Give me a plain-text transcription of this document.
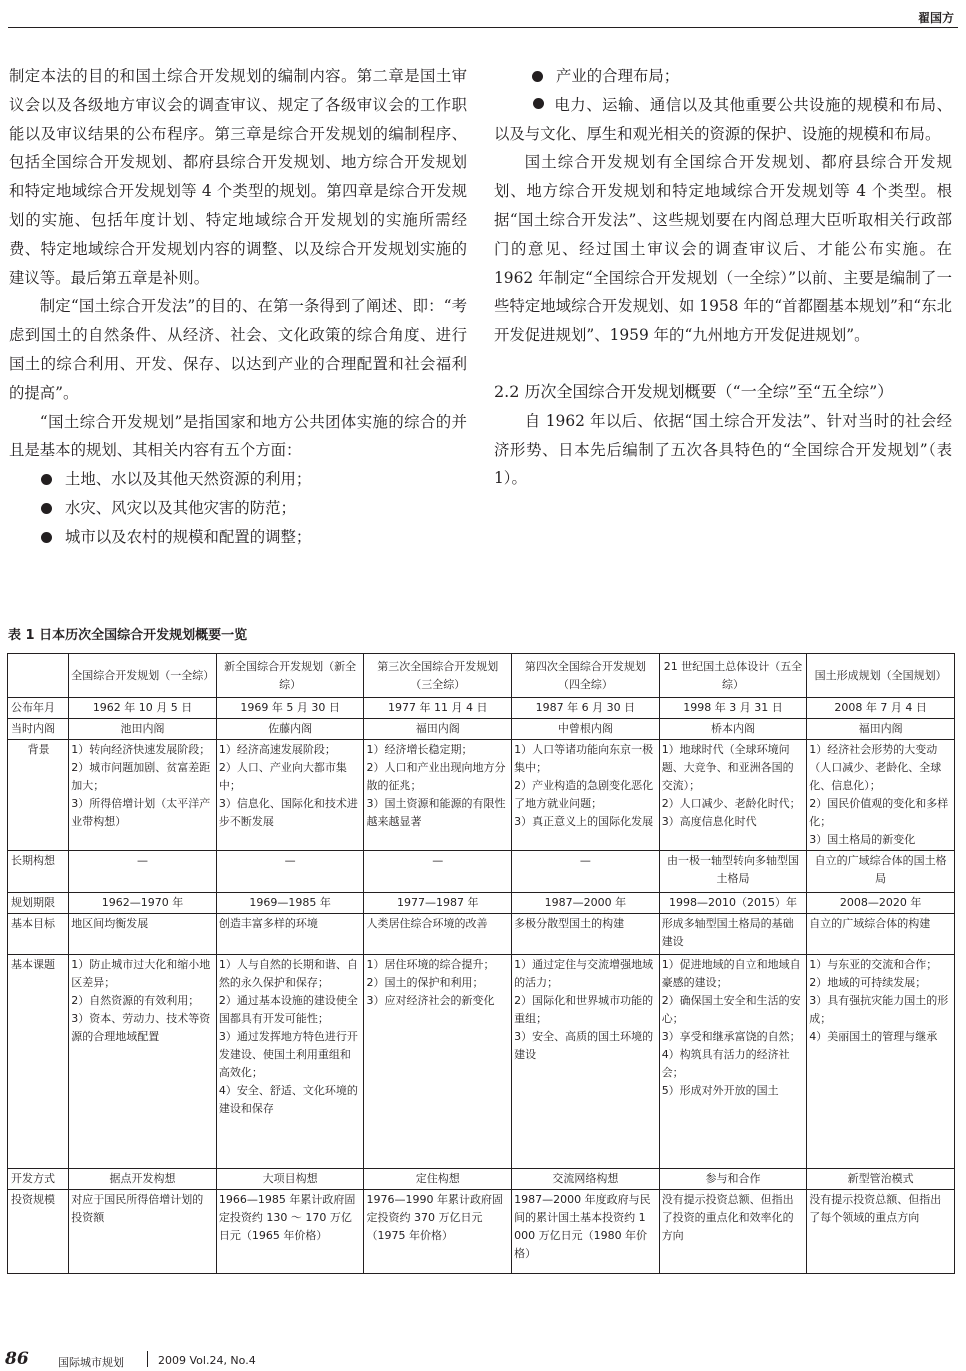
翟国方

制定本法的目的和国土综合开发规划的编制内容。第二章是国土审议会以及各级地方审议会的调查审议、规定了各级审议会的工作职能以及审议结果的公布程序。第三章是综合开发规划的编制程序、包括全国综合开发规划、都府县综合开发规划、地方综合开发规划和特定地域综合开发规划等 4 个类型的规划。第四章是综合开发规划的实施、包括年度计划、特定地域综合开发规划的实施所需经费、特定地域综合开发规划内容的调整、以及综合开发规划实施的建议等。最后第五章是补则。

制定“国土综合开发法”的目的、在第一条得到了阐述、即：“考虑到国土的自然条件、从经济、社会、文化政策的综合角度、进行国土的综合利用、开发、保存、以达到产业的合理配置和社会福利的提高”。

“国土综合开发规划”是指国家和地方公共团体实施的综合的并且是基本的规划、其相关内容有五个方面：

土地、水以及其他天然资源的利用；

水灾、风灾以及其他灾害的防范；

城市以及农村的规模和配置的调整；

产业的合理布局；

电力、运输、通信以及其他重要公共设施的规模和布局、以及与文化、厚生和观光相关的资源的保护、设施的规模和布局。

国土综合开发规划有全国综合开发规划、都府县综合开发规划、地方综合开发规划和特定地域综合开发规划等 4 个类型。根据“国土综合开发法”、这些规划要在内阁总理大臣听取相关行政部门的意见、经过国土审议会的调查审议后、才能公布实施。在 1962 年制定“全国综合开发规划（一全综）”以前、主要是编制了一些特定地域综合开发规划、如 1958 年的“首都圈基本规划”和“东北开发促进规划”、1959 年的“九州地方开发促进规划”。

2.2 历次全国综合开发规划概要（“一全综”至“五全综”）

自 1962 年以后、依据“国土综合开发法”、针对当时的社会经济形势、日本先后编制了五次各具特色的“全国综合开发规划”（表 1）。

表 1 日本历次全国综合开发规划概要一览
	全国综合开发规划（一全综）	新全国综合开发规划（新全综）	第三次全国综合开发规划（三全综）	第四次全国综合开发规划（四全综）	21 世纪国土总体设计（五全综）	国土形成规划（全国规划）
公布年月	1962 年 10 月 5 日	1969 年 5 月 30 日	1977 年 11 月 4 日	1987 年 6 月 30 日	1998 年 3 月 31 日	2008 年 7 月 4 日
当时内阁	池田内阁	佐藤内阁	福田内阁	中曾根内阁	桥本内阁	福田内阁
背景	1）转向经济快速发展阶段；
2）城市问题加剧、贫富差距加大；
3）所得倍增计划（太平洋产业带构想）	1）经济高速发展阶段；
2）人口、产业向大都市集中；
3）信息化、国际化和技术进步不断发展	1）经济增长稳定期；
2）人口和产业出现向地方分散的征兆；
3）国土资源和能源的有限性越来越显著	1）人口等诸功能向东京一极集中；
2）产业构造的急剧变化恶化了地方就业问题；
3）真正意义上的国际化发展	1）地球时代（全球环境问题、大竞争、和亚洲各国的交流）；
2）人口减少、老龄化时代；
3）高度信息化时代	1）经济社会形势的大变动（人口减少、老龄化、全球化、信息化）；
2）国民价值观的变化和多样化；
3）国土格局的新变化
长期构想	—	—	—	—	由一极一轴型转向多轴型国土格局	自立的广域综合体的国土格局
规划期限	1962—1970 年	1969—1985 年	1977—1987 年	1987—2000 年	1998—2010（2015）年	2008—2020 年
基本目标	地区间均衡发展	创造丰富多样的环境	人类居住综合环境的改善	多极分散型国土的构建	形成多轴型国土格局的基础建设	自立的广域综合体的构建
基本课题	1）防止城市过大化和缩小地区差异；
2）自然资源的有效利用；
3）资本、劳动力、技术等资源的合理地域配置	1）人与自然的长期和谐、自然的永久保护和保存；
2）通过基本设施的建设使全国都具有开发可能性；
3）通过发挥地方特色进行开发建设、使国土利用重组和高效化；
4）安全、舒适、文化环境的建设和保存	1）居住环境的综合提升；
2）国土的保护和利用；
3）应对经济社会的新变化	1）通过定住与交流增强地域的活力；
2）国际化和世界城市功能的重组；
3）安全、高质的国土环境的建设	1）促进地域的自立和地域自豪感的建设；
2）确保国土安全和生活的安心；
3）享受和继承富饶的自然；
4）构筑具有活力的经济社会；
5）形成对外开放的国土	1）与东亚的交流和合作；
2）地域的可持续发展；
3）具有强抗灾能力国土的形成；
4）美丽国土的管理与继承
开发方式	据点开发构想	大项目构想	定住构想	交流网络构想	参与和合作	新型管治模式
投资规模	对应于国民所得倍增计划的投资额	1966—1985 年累计政府固定投资约 130 ～ 170 万亿日元（1965 年价格）	1976—1990 年累计政府固定投资约 370 万亿日元（1975 年价格）	1987—2000 年度政府与民间的累计国土基本投资约 1 000 万亿日元（1980 年价格）	没有提示投资总额、但指出了投资的重点化和效率化的方向	没有提示投资总额、但指出了每个领域的重点方向
86	国际城市规划	2009 Vol.24, No.4
